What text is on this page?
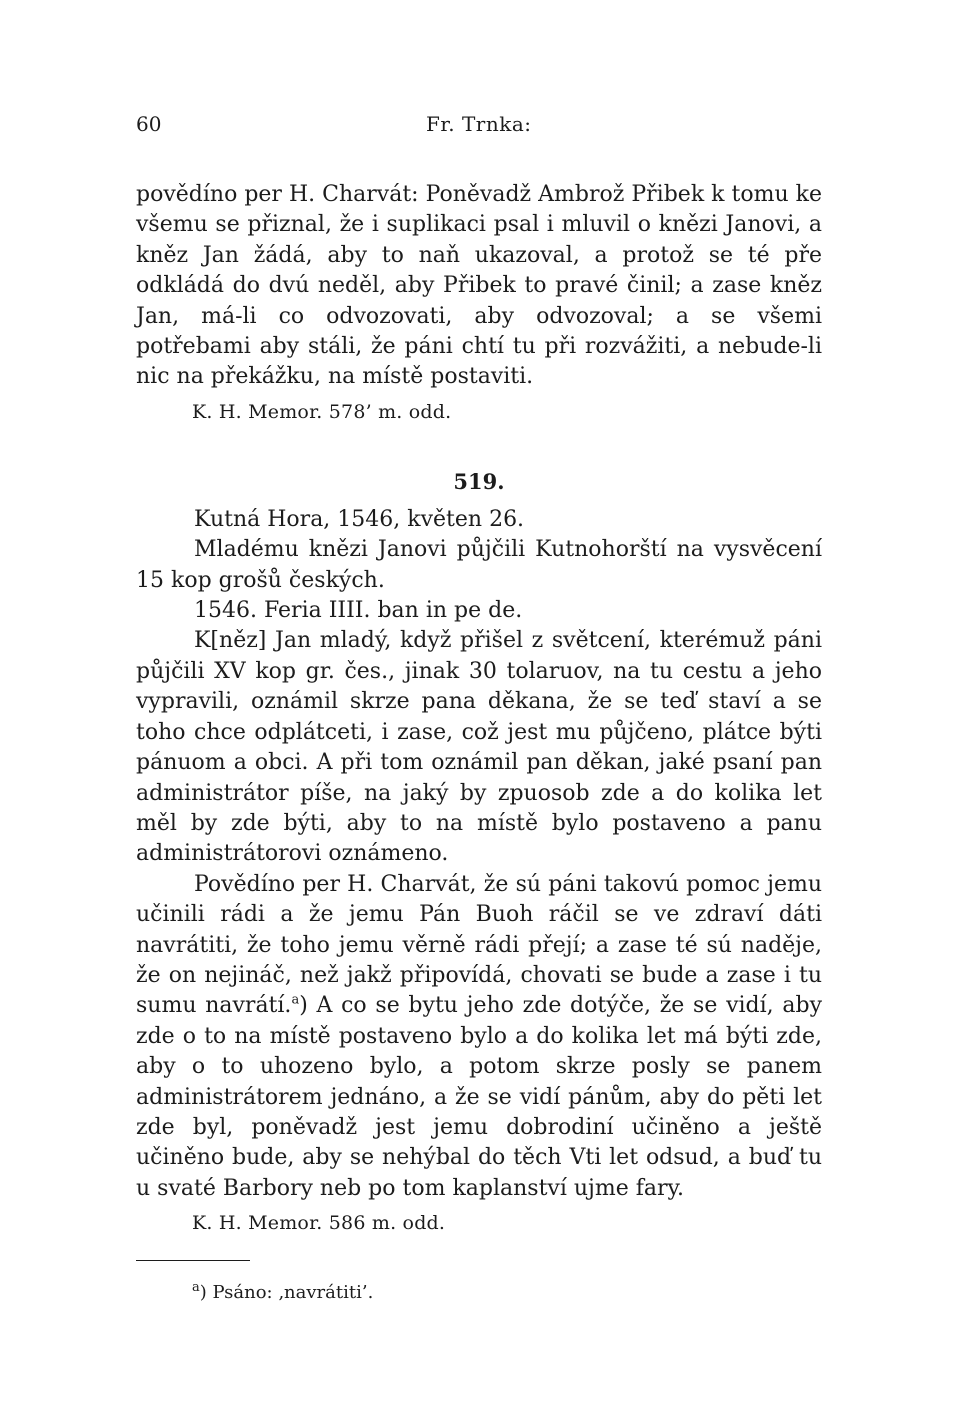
60	Fr. Trnka:

povědíno per H. Charvát: Poněvadž Ambrož Přibek k tomu ke všemu se přiznal, že i suplikaci psal i mluvil o knězi Janovi, a kněz Jan žádá, aby to naň ukazoval, a protož se té pře odkládá do dvú neděl, aby Přibek to pravé činil; a zase kněz Jan, má-li co odvozovati, aby odvozoval; a se všemi potřebami aby stáli, že páni chtí tu při rozvážiti, a nebude-li nic na překážku, na místě postaviti.

K. H. Memor. 578’ m. odd.
519.
Kutná Hora, 1546, květen 26.

Mladému knězi Janovi půjčili Kutnohorští na vysvěcení 15 kop grošů českých.

1546. Feria IIII. ban in pe de.

K[něz] Jan mladý, když přišel z světcení, kterémuž páni půjčili XV kop gr. čes., jinak 30 tolaruov, na tu cestu a jeho vypravili, oznámil skrze pana děkana, že se teď staví a se toho chce odplátceti, i zase, což jest mu půjčeno, plátce býti pánuom a obci. A při tom oznámil pan děkan, jaké psaní pan administrátor píše, na jaký by zpuosob zde a do kolika let měl by zde býti, aby to na místě bylo postaveno a panu administrátorovi oznámeno.

Povědíno per H. Charvát, že sú páni takovú pomoc jemu učinili rádi a že jemu Pán Buoh ráčil se ve zdraví dáti navrátiti, že toho jemu věrně rádi přejí; a zase té sú naděje, že on nejináč, než jakž připovídá, chovati se bude a zase i tu sumu navrátí.$^a$) A co se bytu jeho zde dotýče, že se vidí, aby zde o to na místě postaveno bylo a do kolika let má býti zde, aby o to uhozeno bylo, a potom skrze posly se panem administrátorem jednáno, a že se vidí pánům, aby do pěti let zde byl, poněvadž jest jemu dobrodiní učiněno a ještě učiněno bude, aby se nehýbal do těch Vti let odsud, a buď tu u svaté Barbory neb po tom kaplanství ujme fary.

K. H. Memor. 586 m. odd.
$^a$) Psáno: ‚navrátiti’.
